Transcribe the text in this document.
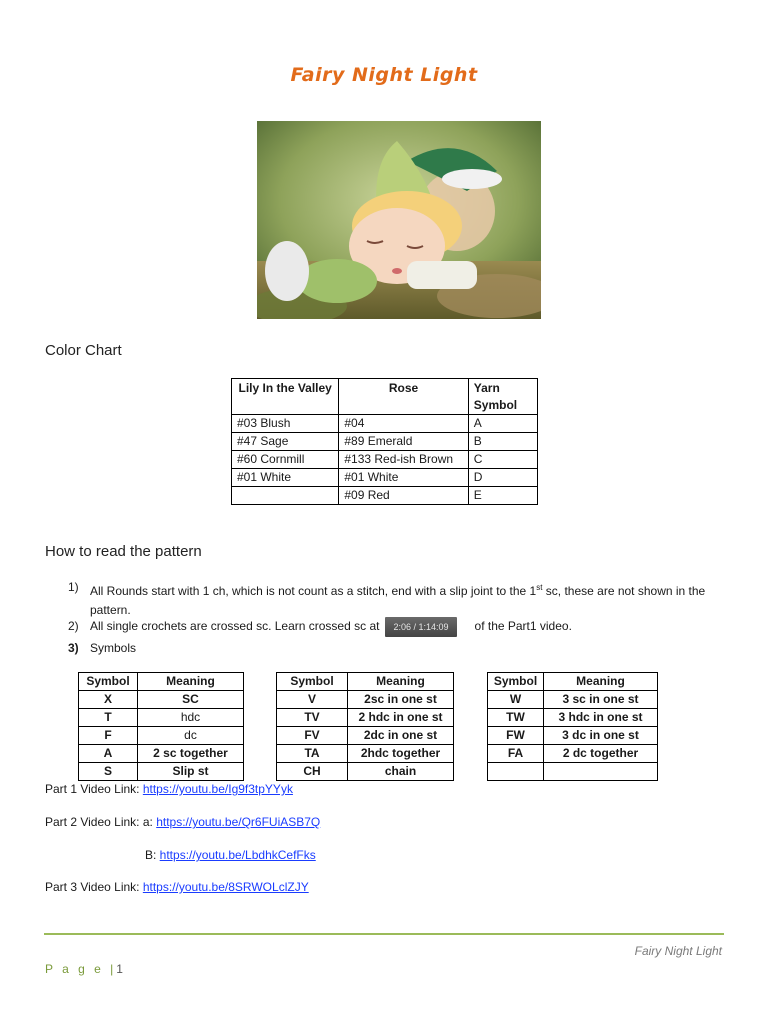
Fairy Night Light
Color Chart
Lily In the Valley	Rose	Yarn Symbol
#03 Blush	#04	A
#47 Sage	#89 Emerald	B
#60 Cornmill	#133 Red-ish Brown	C
#01 White	#01 White	D
	#09 Red	E
How to read the pattern
1) All Rounds start with 1 ch, which is not count as a stitch, end with a slip joint to the 1st sc, these are not shown in the pattern.
2) All single crochets are crossed sc. Learn crossed sc at 2:06 / 1:14:09 of the Part1 video.
3) Symbols
Symbol	Meaning
X	SC
T	hdc
F	dc
A	2 sc together
S	Slip st
Symbol	Meaning
V	2sc in one st
TV	2 hdc in one st
FV	2dc in one st
TA	2hdc together
CH	chain
Symbol	Meaning
W	3 sc in one st
TW	3 hdc in one st
FW	3 dc in one st
FA	2 dc together

Part 1 Video Link: https://youtu.be/Ig9f3tpYYyk
Part 2 Video Link: a: https://youtu.be/Qr6FUiASB7Q
B: https://youtu.be/LbdhkCefFks
Part 3 Video Link: https://youtu.be/8SRWOLclZJY
Fairy Night Light
P a g e |1
